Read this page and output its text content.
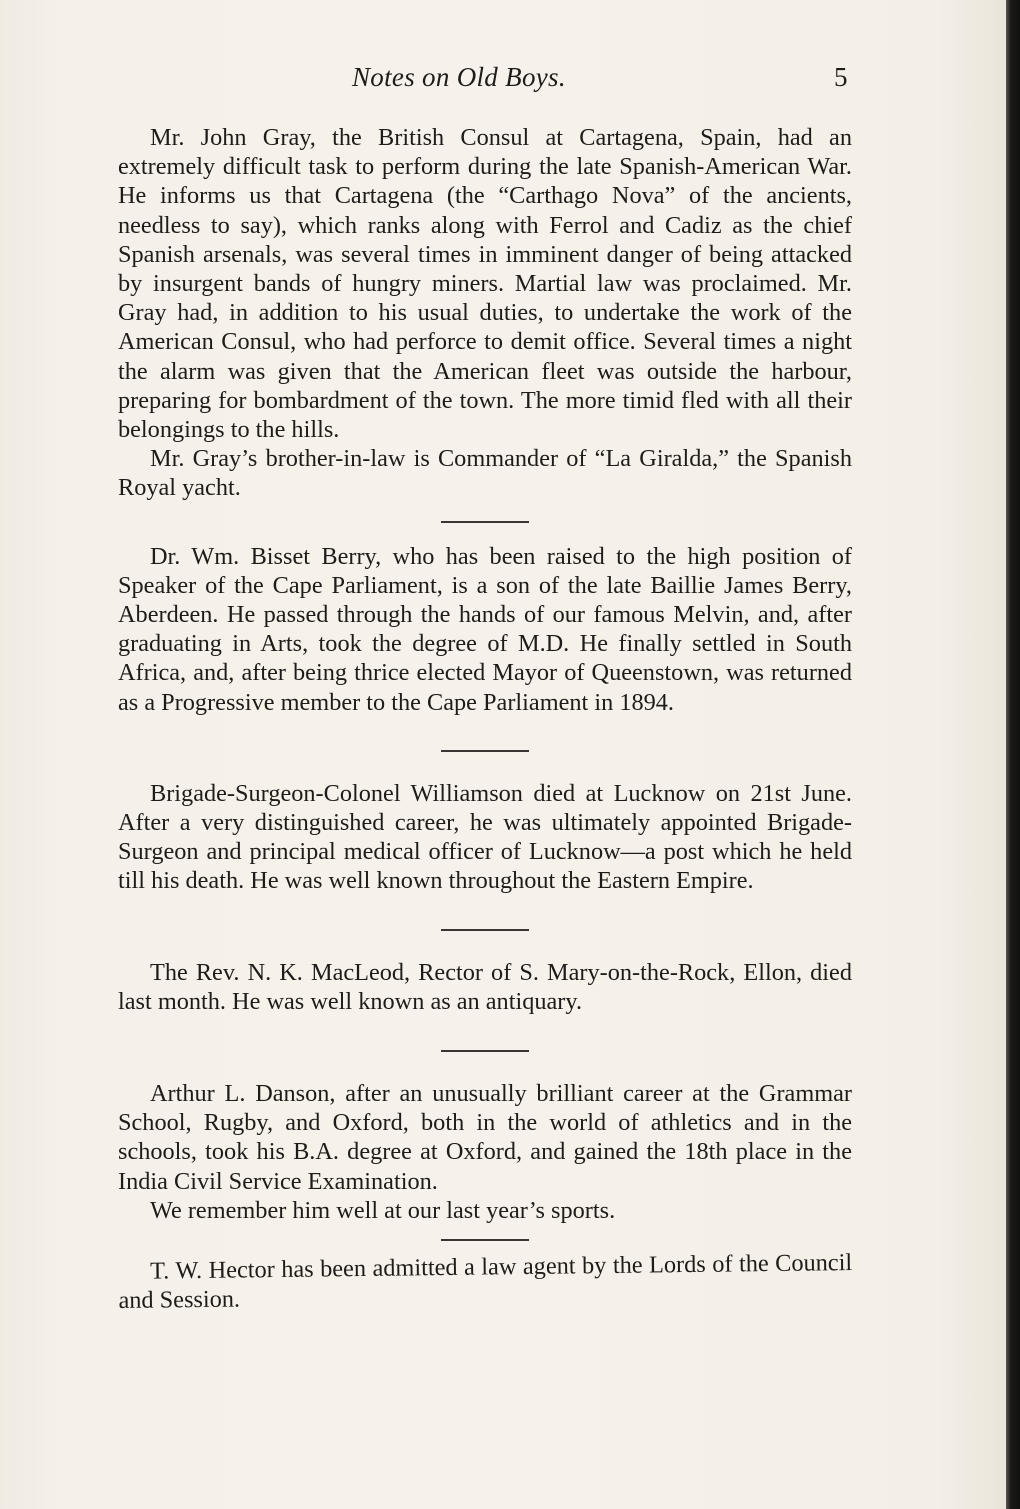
Notes on Old Boys.	5

Mr. John Gray, the British Consul at Cartagena, Spain, had an extremely difficult task to perform during the late Spanish-American War. He informs us that Cartagena (the “Carthago Nova” of the ancients, needless to say), which ranks along with Ferrol and Cadiz as the chief Spanish arsenals, was several times in imminent danger of being attacked by insurgent bands of hungry miners. Martial law was proclaimed. Mr. Gray had, in addition to his usual duties, to undertake the work of the American Consul, who had perforce to demit office. Several times a night the alarm was given that the American fleet was outside the harbour, preparing for bombardment of the town. The more timid fled with all their belongings to the hills.

Mr. Gray’s brother-in-law is Commander of “La Giralda,” the Spanish Royal yacht.

Dr. Wm. Bisset Berry, who has been raised to the high position of Speaker of the Cape Parliament, is a son of the late Baillie James Berry, Aberdeen. He passed through the hands of our famous Melvin, and, after graduating in Arts, took the degree of M.D. He finally settled in South Africa, and, after being thrice elected Mayor of Queenstown, was returned as a Progressive member to the Cape Parliament in 1894.

Brigade-Surgeon-Colonel Williamson died at Lucknow on 21st June. After a very distinguished career, he was ultimately appointed Brigade-Surgeon and principal medical officer of Lucknow—a post which he held till his death. He was well known throughout the Eastern Empire.

The Rev. N. K. MacLeod, Rector of S. Mary-on-the-Rock, Ellon, died last month. He was well known as an antiquary.

Arthur L. Danson, after an unusually brilliant career at the Grammar School, Rugby, and Oxford, both in the world of athletics and in the schools, took his B.A. degree at Oxford, and gained the 18th place in the India Civil Service Examination.

We remember him well at our last year’s sports.

T. W. Hector has been admitted a law agent by the Lords of the Council and Session.
